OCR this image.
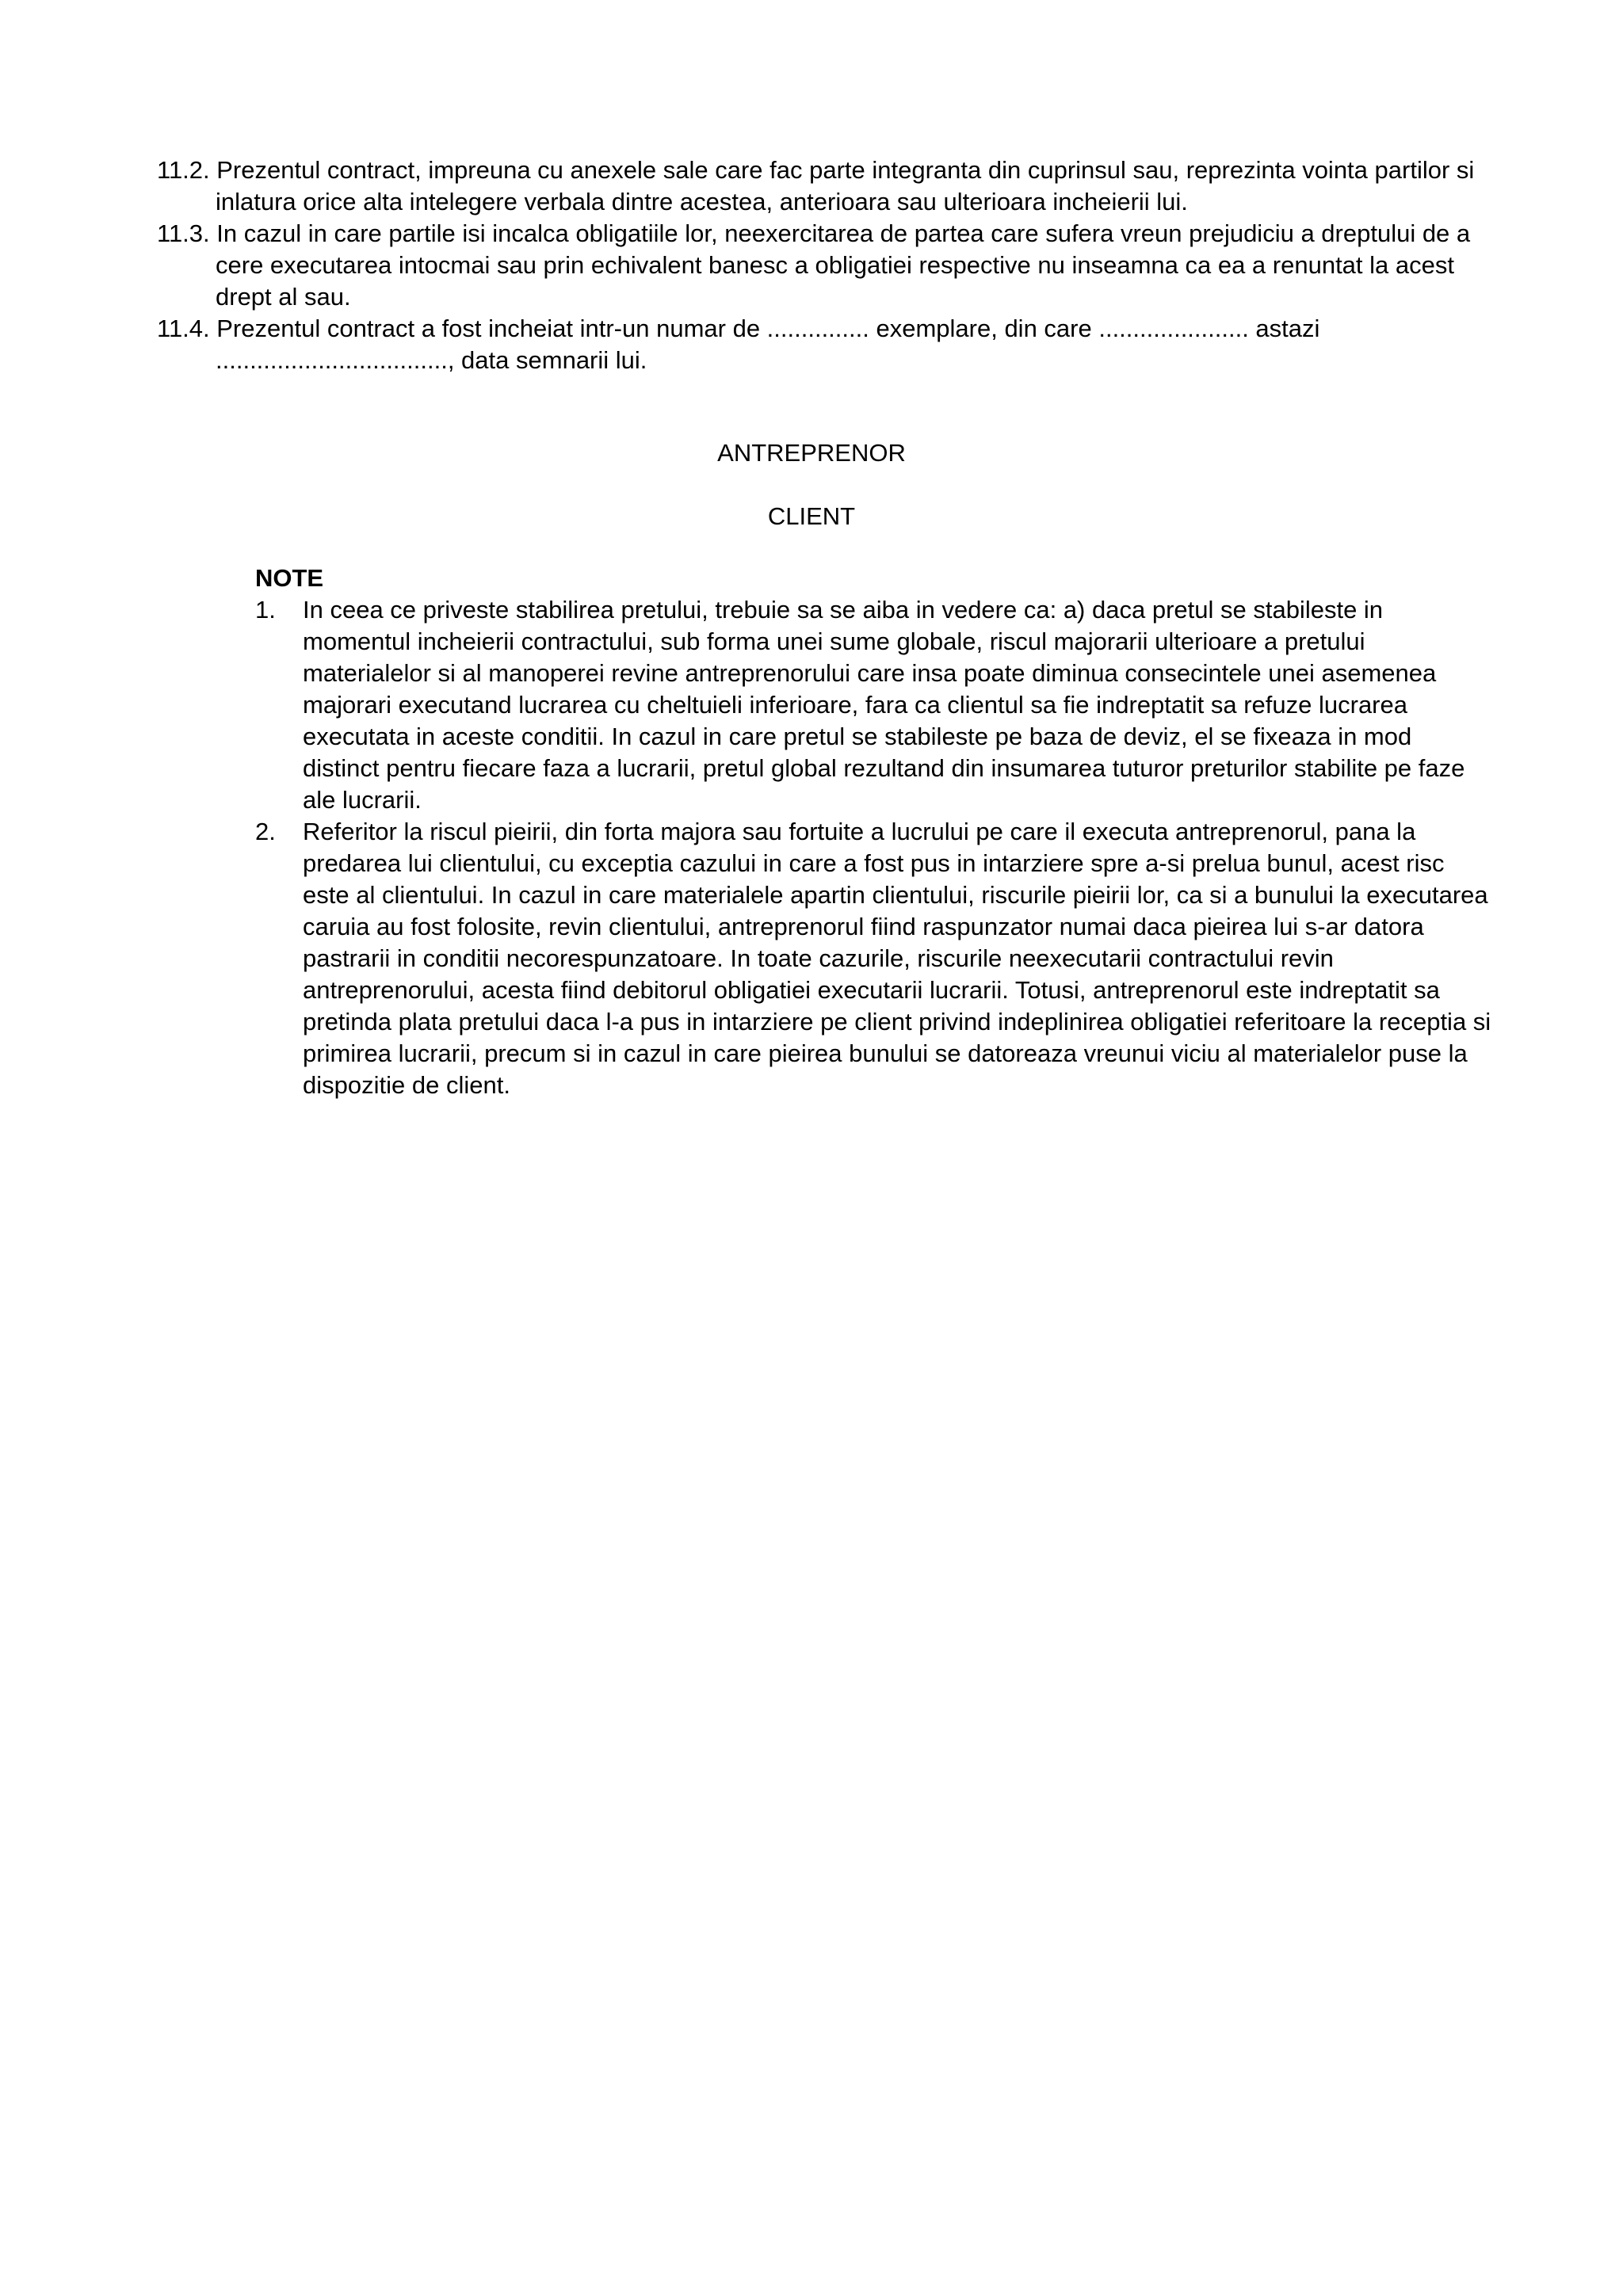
11.2. Prezentul contract, impreuna cu anexele sale care fac parte integranta din cuprinsul sau, reprezinta vointa partilor si inlatura orice alta intelegere verbala dintre acestea, anterioara sau ulterioara incheierii lui.

11.3. In cazul in care partile isi incalca obligatiile lor, neexercitarea de partea care sufera vreun prejudiciu a dreptului de a cere executarea intocmai sau prin echivalent banesc a obligatiei respective nu inseamna ca ea a renuntat la acest drept al sau.

11.4. Prezentul contract a fost incheiat intr-un numar de ............... exemplare, din care ...................... astazi .................................., data semnarii lui.

ANTREPRENOR
CLIENT

NOTE

1. In ceea ce priveste stabilirea pretului, trebuie sa se aiba in vedere ca: a) daca pretul se stabileste in momentul incheierii contractului, sub forma unei sume globale, riscul majorarii ulterioare a pretului materialelor si al manoperei revine antreprenorului care insa poate diminua consecintele unei asemenea majorari executand lucrarea cu cheltuieli inferioare, fara ca clientul sa fie indreptatit sa refuze lucrarea executata in aceste conditii. In cazul in care pretul se stabileste pe baza de deviz, el se fixeaza in mod distinct pentru fiecare faza a lucrarii, pretul global rezultand din insumarea tuturor preturilor stabilite pe faze ale lucrarii.
2. Referitor la riscul pieirii, din forta majora sau fortuite a lucrului pe care il executa antreprenorul, pana la predarea lui clientului, cu exceptia cazului in care a fost pus in intarziere spre a-si prelua bunul, acest risc este al clientului. In cazul in care materialele apartin clientului, riscurile pieirii lor, ca si a bunului la executarea caruia au fost folosite, revin clientului, antreprenorul fiind raspunzator numai daca pieirea lui s-ar datora pastrarii in conditii necorespunzatoare. In toate cazurile, riscurile neexecutarii contractului revin antreprenorului, acesta fiind debitorul obligatiei executarii lucrarii. Totusi, antreprenorul este indreptatit sa pretinda plata pretului daca l-a pus in intarziere pe client privind indeplinirea obligatiei referitoare la receptia si primirea lucrarii, precum si in cazul in care pieirea bunului se datoreaza vreunui viciu al materialelor puse la dispozitie de client.
